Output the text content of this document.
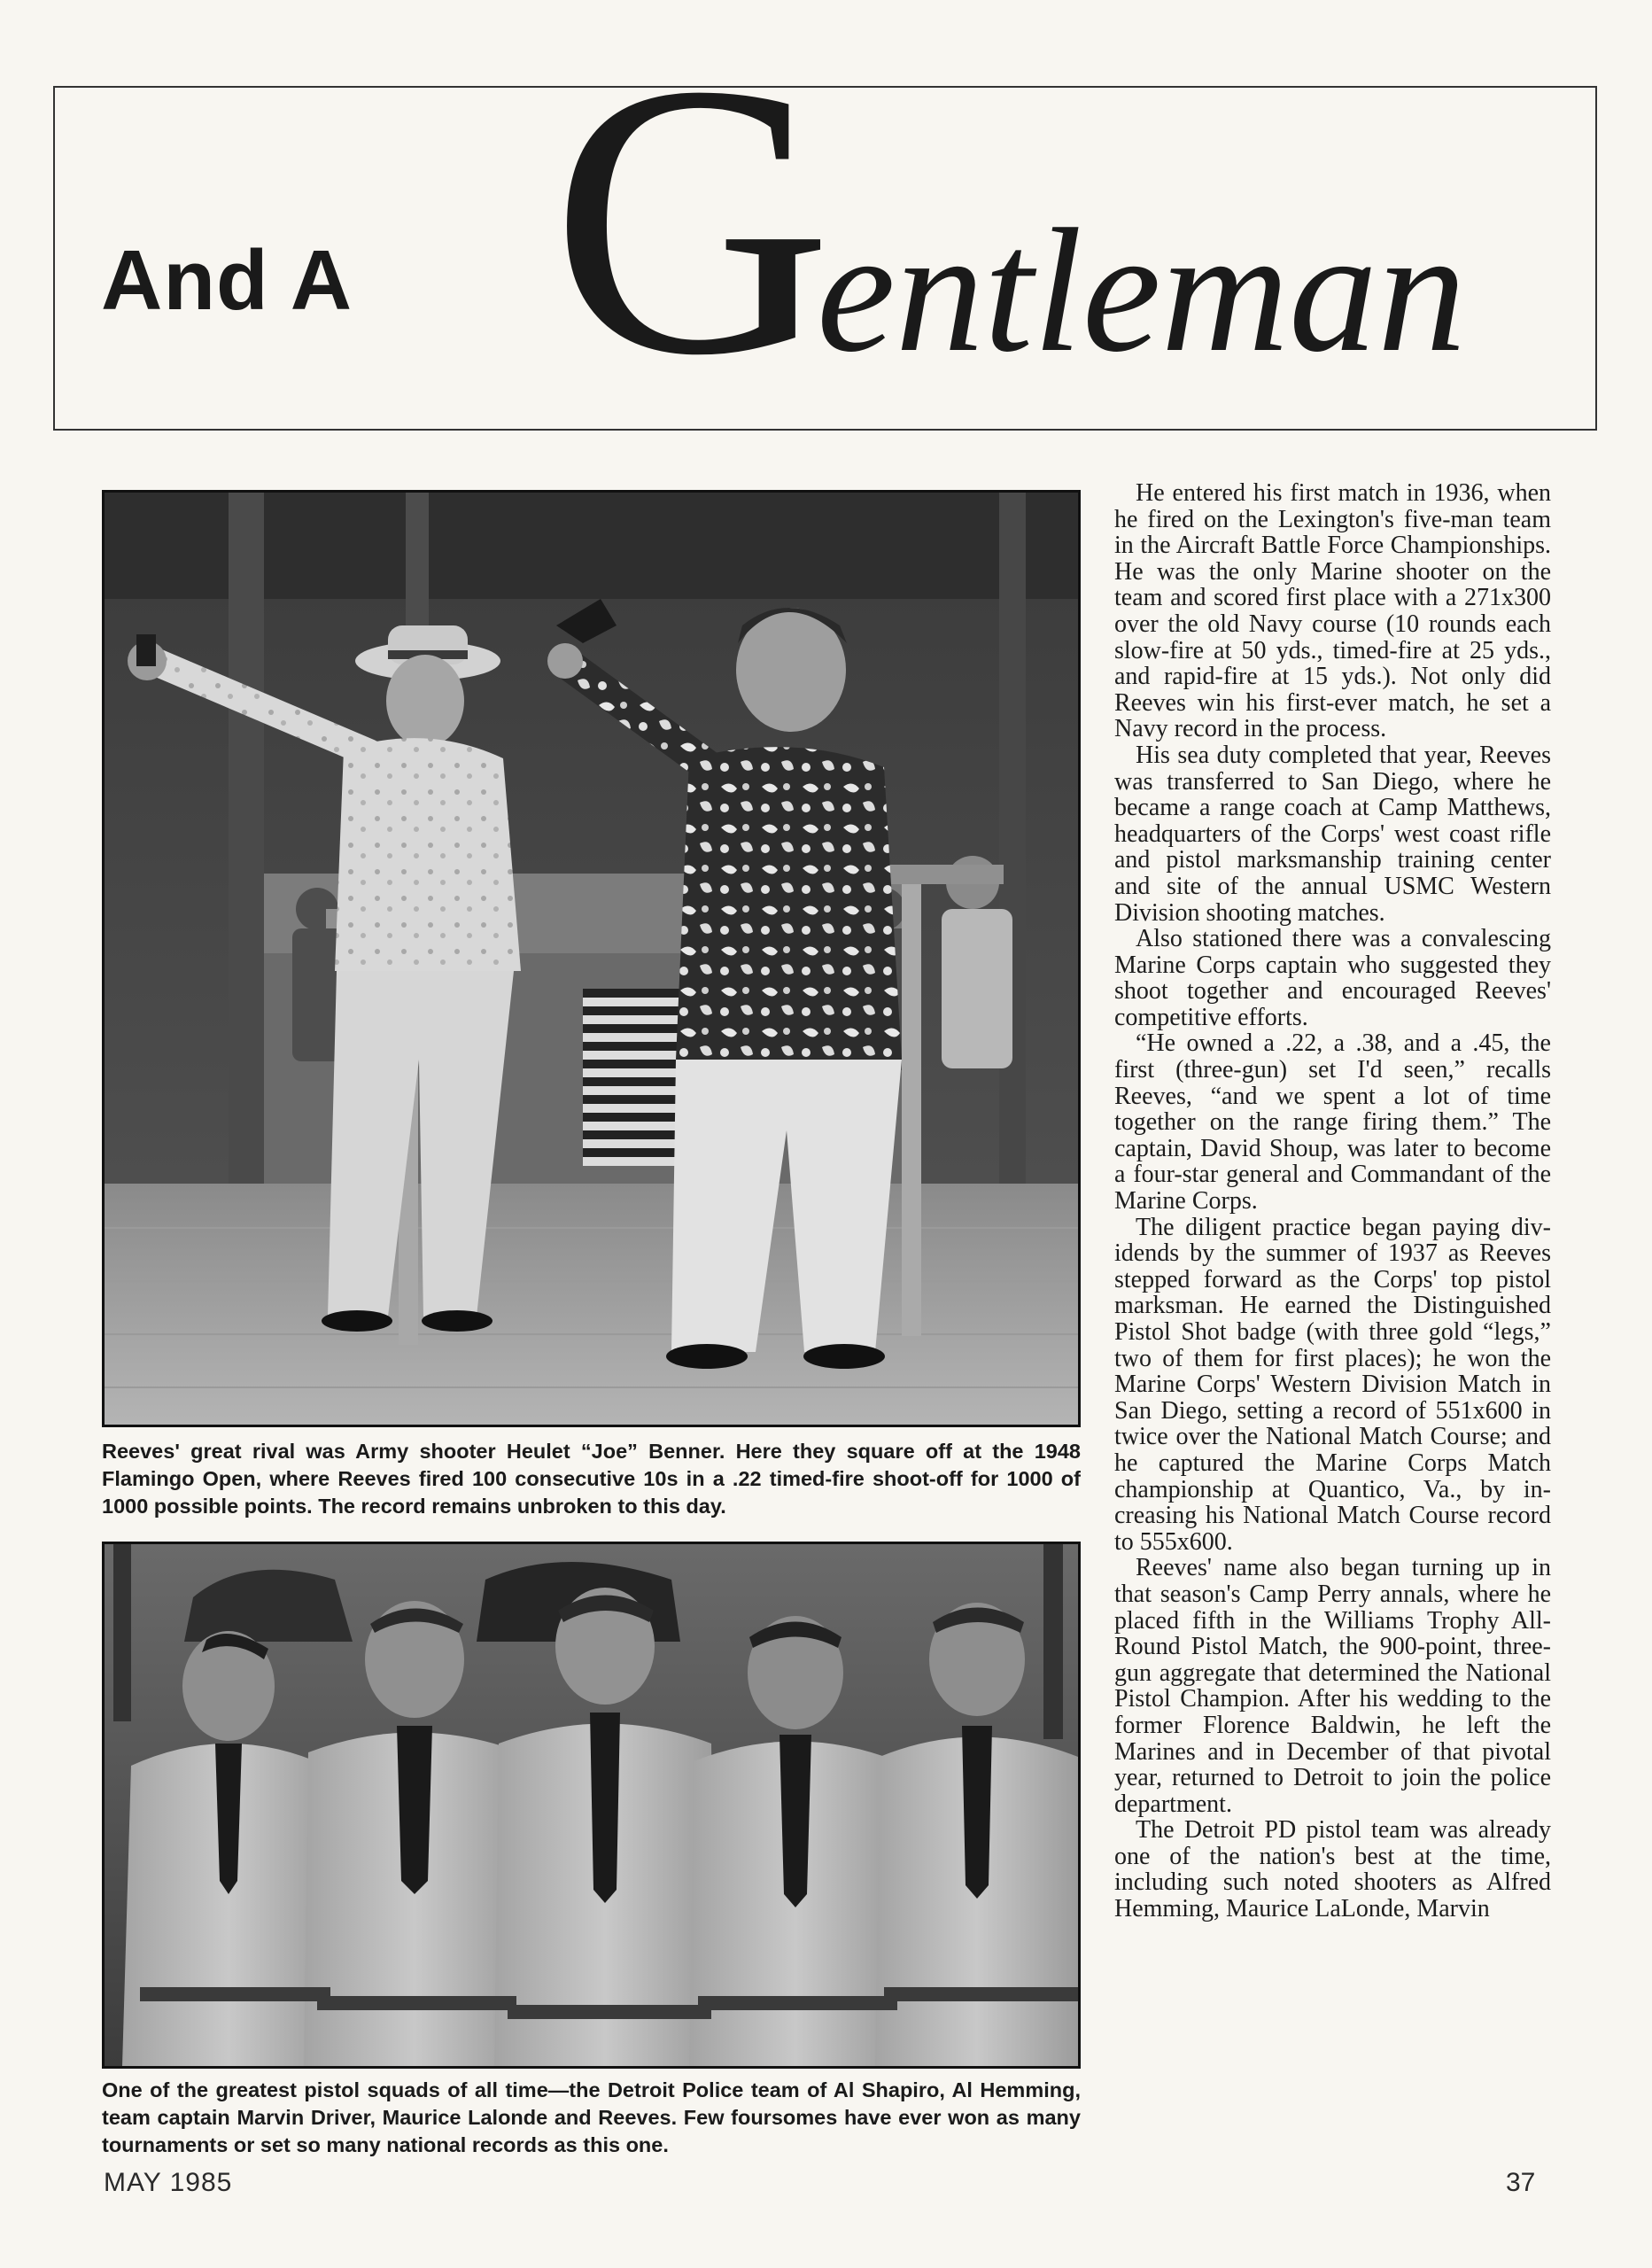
And A G
entleman

Reeves' great rival was Army shooter Heulet “Joe” Benner. Here they square off at the 1948 Flamingo Open, where Reeves fired 100 consecutive 10s in a .22 timed-fire shoot-off for 1000 of 1000 possible points. The record remains unbroken to this day.

One of the greatest pistol squads of all time—the Detroit Police team of Al Shapiro, Al Hemming, team captain Marvin Driver, Maurice Lalonde and Reeves. Few foursomes have ever won as many tournaments or set so many national records as this one.

He entered his first match in 1936, when he fired on the Lexington's five-man team in the Aircraft Battle Force Championships. He was the only Marine shooter on the team and scored first place with a 271x300 over the old Navy course (10 rounds each slow-fire at 50 yds., timed-fire at 25 yds., and rapid-fire at 15 yds.). Not only did Reeves win his first-ever match, he set a Navy record in the process.

His sea duty completed that year, Reeves was transferred to San Diego, where he became a range coach at Camp Matthews, headquarters of the Corps' west coast rifle and pistol marksmanship training center and site of the annual USMC Western Division shooting matches.

Also stationed there was a convalescing Marine Corps captain who suggested they shoot together and encouraged Reeves' competitive efforts.

“He owned a .22, a .38, and a .45, the first (three-gun) set I'd seen,” recalls Reeves, “and we spent a lot of time together on the range firing them.” The captain, David Shoup, was later to become a four-star general and Commandant of the Marine Corps.

The diligent practice began paying dividends by the summer of 1937 as Reeves stepped forward as the Corps' top pistol marksman. He earned the Distinguished Pistol Shot badge (with three gold “legs,” two of them for first places); he won the Marine Corps' Western Division Match in San Diego, setting a record of 551x600 in twice over the National Match Course; and he captured the Marine Corps Match championship at Quantico, Va., by increasing his National Match Course record to 555x600.

Reeves' name also began turning up in that season's Camp Perry annals, where he placed fifth in the Williams Trophy All-Round Pistol Match, the 900-point, three-gun aggregate that determined the National Pistol Champion. After his wedding to the former Florence Baldwin, he left the Marines and in December of that pivotal year, returned to Detroit to join the police department.

The Detroit PD pistol team was already one of the nation's best at the time, including such noted shooters as Alfred Hemming, Maurice LaLonde, Marvin

MAY 1985	37
